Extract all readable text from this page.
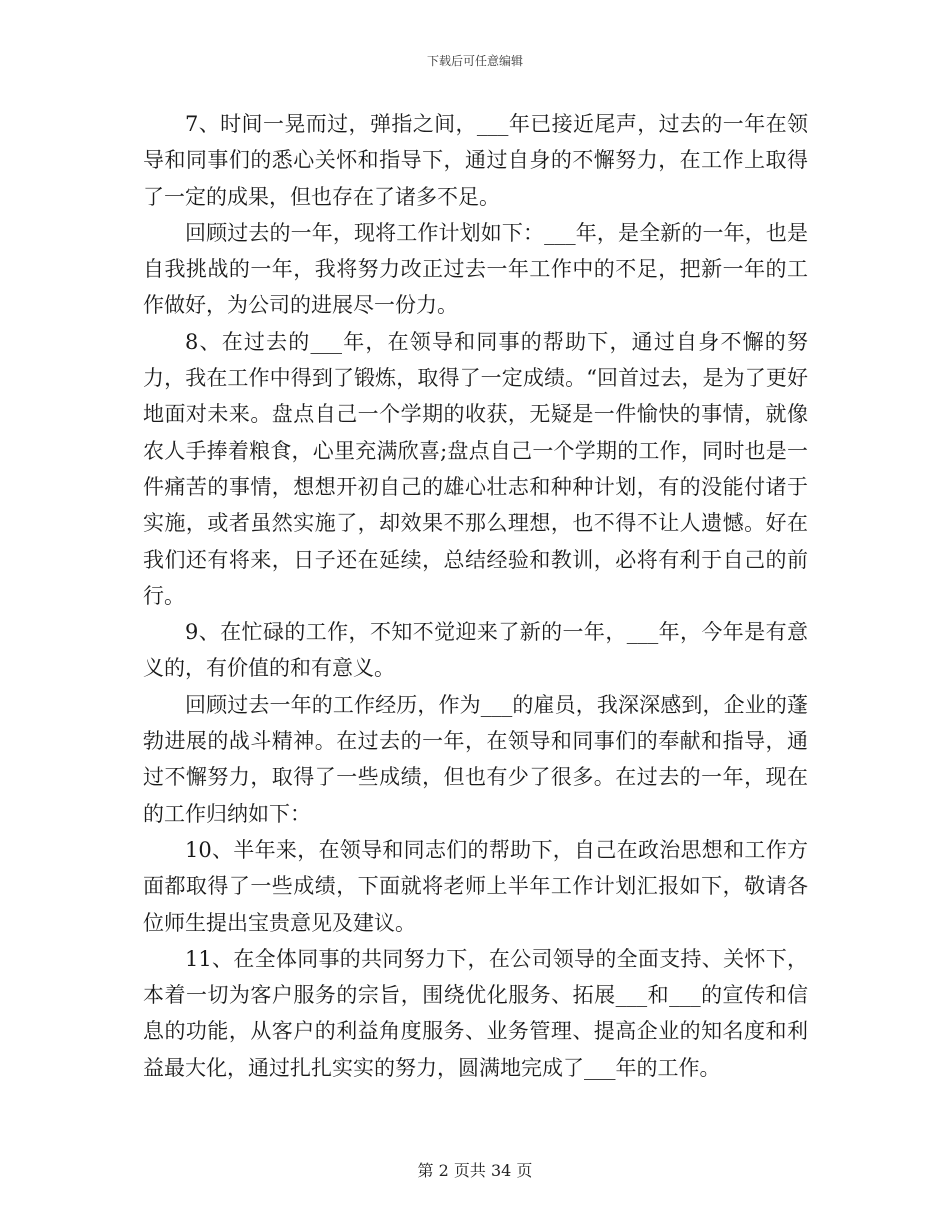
下载后可任意编辑

7、时间一晃而过，弹指之间，___年已接近尾声，过去的一年在领导和同事们的悉心关怀和指导下，通过自身的不懈努力，在工作上取得了一定的成果，但也存在了诸多不足。

回顾过去的一年，现将工作计划如下：___年，是全新的一年，也是自我挑战的一年，我将努力改正过去一年工作中的不足，把新一年的工作做好，为公司的进展尽一份力。

8、在过去的___年，在领导和同事的帮助下，通过自身不懈的努力，我在工作中得到了锻炼，取得了一定成绩。“回首过去，是为了更好地面对未来。盘点自己一个学期的收获，无疑是一件愉快的事情，就像农人手捧着粮食，心里充满欣喜;盘点自己一个学期的工作，同时也是一件痛苦的事情，想想开初自己的雄心壮志和种种计划，有的没能付诸于实施，或者虽然实施了，却效果不那么理想，也不得不让人遗憾。好在我们还有将来，日子还在延续，总结经验和教训，必将有利于自己的前行。

9、在忙碌的工作，不知不觉迎来了新的一年，___年，今年是有意义的，有价值的和有意义。

回顾过去一年的工作经历，作为___的雇员，我深深感到，企业的蓬勃进展的战斗精神。在过去的一年，在领导和同事们的奉献和指导，通过不懈努力，取得了一些成绩，但也有少了很多。在过去的一年，现在的工作归纳如下：

10、半年来，在领导和同志们的帮助下，自己在政治思想和工作方面都取得了一些成绩，下面就将老师上半年工作计划汇报如下，敬请各位师生提出宝贵意见及建议。

11、在全体同事的共同努力下，在公司领导的全面支持、关怀下，本着一切为客户服务的宗旨，围绕优化服务、拓展___和___的宣传和信息的功能，从客户的利益角度服务、业务管理、提高企业的知名度和利益最大化，通过扎扎实实的努力，圆满地完成了___年的工作。

第 2 页共 34 页
